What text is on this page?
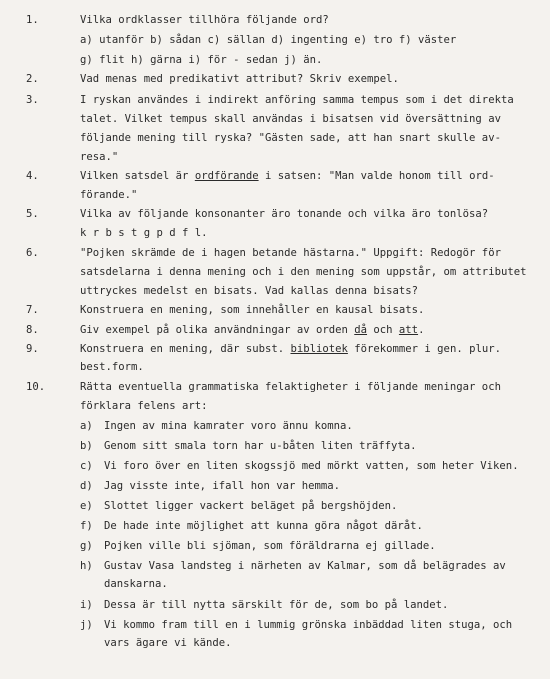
1.	Vilka ordklasser tillhöra följande ord?
a) utanför b) sådan c) sällan d) ingenting e) tro f) väster
g) flit h) gärna i) för - sedan j) än.
2.	Vad menas med predikativt attribut? Skriv exempel.
3.	I ryskan användes i indirekt anföring samma tempus som i det direkta
talet. Vilket tempus skall användas i bisatsen vid översättning av
följande mening till ryska? "Gästen sade, att han snart skulle av-
resa."
4.	Vilken satsdel är ordförande i satsen: "Man valde honom till ord-
förande."
5.	Vilka av följande konsonanter äro tonande och vilka äro tonlösa?
k r b s t g p d f l.
6.	"Pojken skrämde de i hagen betande hästarna." Uppgift: Redogör för
satsdelarna i denna mening och i den mening som uppstår, om attributet
uttryckes medelst en bisats. Vad kallas denna bisats?
7.	Konstruera en mening, som innehåller en kausal bisats.
8.	Giv exempel på olika användningar av orden då och att.
9.	Konstruera en mening, där subst. bibliotek förekommer i gen. plur.
best.form.
10.	Rätta eventuella grammatiska felaktigheter i följande meningar och
förklara felens art:
a) Ingen av mina kamrater voro ännu komna.
b) Genom sitt smala torn har u-båten liten träffyta.
c) Vi foro över en liten skogssjö med mörkt vatten, som heter Viken.
d) Jag visste inte, ifall hon var hemma.
e) Slottet ligger vackert beläget på bergshöjden.
f) De hade inte möjlighet att kunna göra något däråt.
g) Pojken ville bli sjöman, som föräldrarna ej gillade.
h) Gustav Vasa landsteg i närheten av Kalmar, som då belägrades av
danskarna.
i) Dessa är till nytta särskilt för de, som bo på landet.
j) Vi kommo fram till en i lummig grönska inbäddad liten stuga, och
vars ägare vi kände.
